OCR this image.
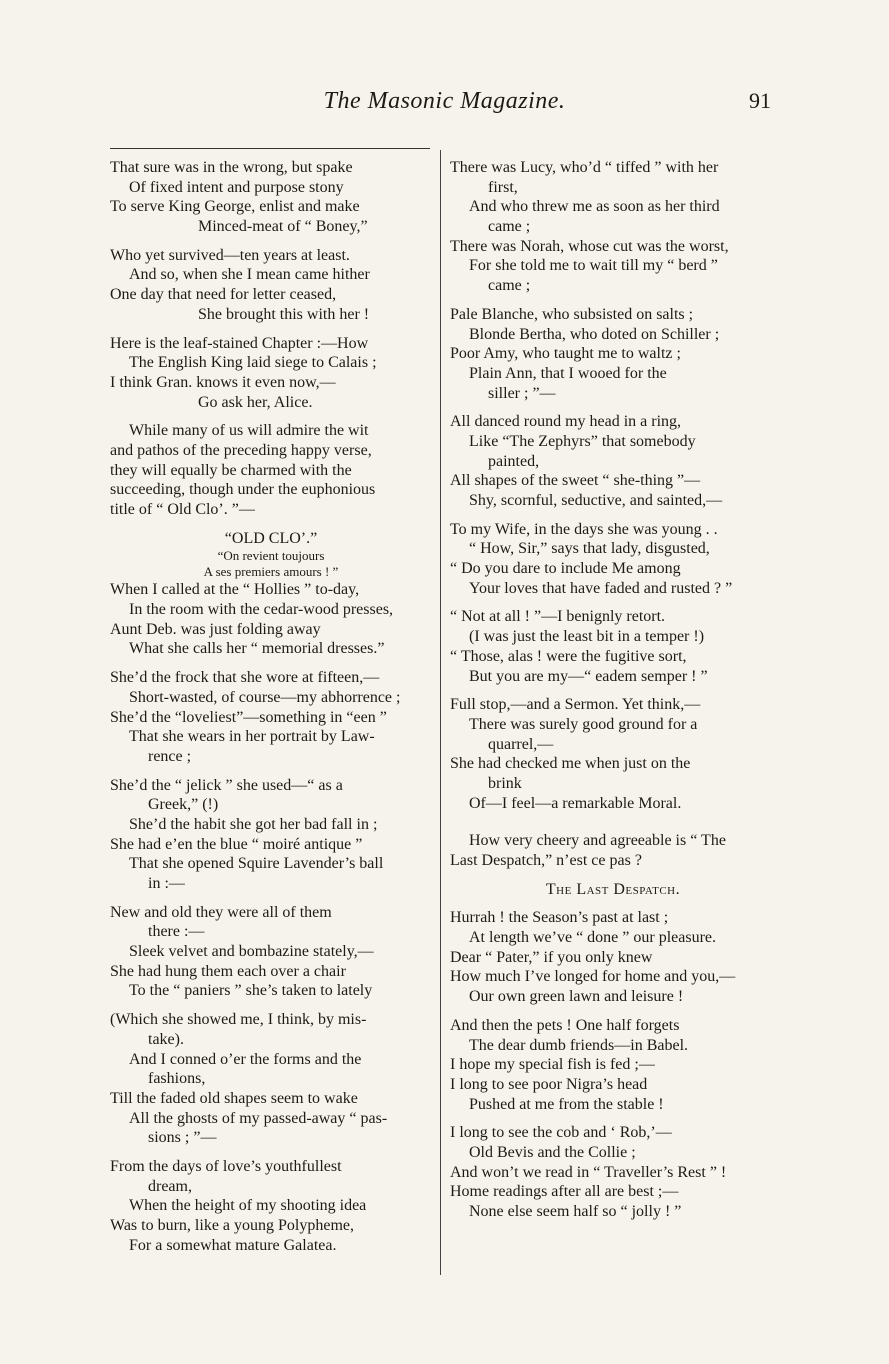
The Masonic Magazine.	91
That sure was in the wrong, but spake
Of fixed intent and purpose stony
To serve King George, enlist and make
Minced-meat of “ Boney,”
Who yet survived—ten years at least.
And so, when she I mean came hither
One day that need for letter ceased,
She brought this with her !
Here is the leaf-stained Chapter :—How
The English King laid siege to Calais ;
I think Gran. knows it even now,—
Go ask her, Alice.
While many of us will admire the wit
and pathos of the preceding happy verse,
they will equally be charmed with the
succeeding, though under the euphonious
title of “ Old Clo’. ”—
“OLD CLO’.”
“On revient toujours
A ses premiers amours ! ”
When I called at the “ Hollies ” to-day,
In the room with the cedar-wood presses,
Aunt Deb. was just folding away
What she calls her “ memorial dresses.”
She’d the frock that she wore at fifteen,—
Short-wasted, of course—my abhorrence ;
She’d the “loveliest”—something in “een ”
That she wears in her portrait by Law-
rence ;
She’d the “ jelick ” she used—“ as a
Greek,” (!)
She’d the habit she got her bad fall in ;
She had e’en the blue “ moiré antique ”
That she opened Squire Lavender’s ball
in :—
New and old they were all of them
there :—
Sleek velvet and bombazine stately,—
She had hung them each over a chair
To the “ paniers ” she’s taken to lately
(Which she showed me, I think, by mis-
take).
And I conned o’er the forms and the
fashions,
Till the faded old shapes seem to wake
All the ghosts of my passed-away “ pas-
sions ; ”—
From the days of love’s youthfullest
dream,
When the height of my shooting idea
Was to burn, like a young Polypheme,
For a somewhat mature Galatea.
There was Lucy, who’d “ tiffed ” with her
first,
And who threw me as soon as her third
came ;
There was Norah, whose cut was the worst,
For she told me to wait till my “ berd ”
came ;
Pale Blanche, who subsisted on salts ;
Blonde Bertha, who doted on Schiller ;
Poor Amy, who taught me to waltz ;
Plain Ann, that I wooed for the
siller ; ”—
All danced round my head in a ring,
Like “The Zephyrs” that somebody
painted,
All shapes of the sweet “ she-thing ”—
Shy, scornful, seductive, and sainted,—
To my Wife, in the days she was young . .
“ How, Sir,” says that lady, disgusted,
“ Do you dare to include Me among
Your loves that have faded and rusted ? ”
“ Not at all ! ”—I benignly retort.
(I was just the least bit in a temper !)
“ Those, alas ! were the fugitive sort,
But you are my—“ eadem semper ! ”
Full stop,—and a Sermon. Yet think,—
There was surely good ground for a
quarrel,—
She had checked me when just on the
brink
Of—I feel—a remarkable Moral.
How very cheery and agreeable is “ The
Last Despatch,” n’est ce pas ?
The Last Despatch.
Hurrah ! the Season’s past at last ;
At length we’ve “ done ” our pleasure.
Dear “ Pater,” if you only knew
How much I’ve longed for home and you,—
Our own green lawn and leisure !
And then the pets ! One half forgets
The dear dumb friends—in Babel.
I hope my special fish is fed ;—
I long to see poor Nigra’s head
Pushed at me from the stable !
I long to see the cob and ‘ Rob,’—
Old Bevis and the Collie ;
And won’t we read in “ Traveller’s Rest ” !
Home readings after all are best ;—
None else seem half so “ jolly ! ”
